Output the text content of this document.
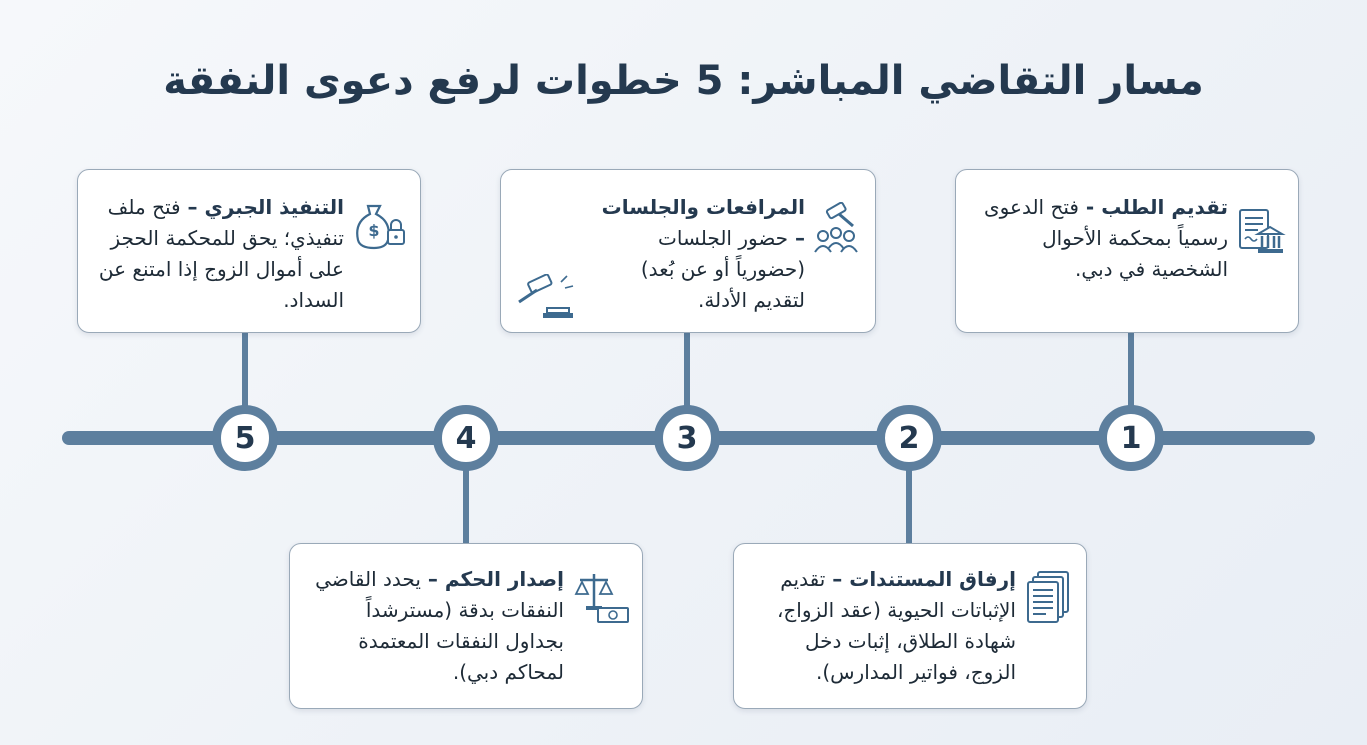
مسار التقاضي المباشر: 5 خطوات لرفع دعوى النفقة
1
2
3
4
5
تقديم الطلب - فتح الدعوى رسمياً بمحكمة الأحوال الشخصية في دبي.
إرفاق المستندات – تقديم الإثباتات الحيوية (عقد الزواج، شهادة الطلاق، إثبات دخل الزوج، فواتير المدارس).
المرافعات والجلسات – حضور الجلسات (حضورياً أو عن بُعد) لتقديم الأدلة.
إصدار الحكم – يحدد القاضي النفقات بدقة (مسترشداً بجداول النفقات المعتمدة لمحاكم دبي).
$
التنفيذ الجبري – فتح ملف تنفيذي؛ يحق للمحكمة الحجز على أموال الزوج إذا امتنع عن السداد.
